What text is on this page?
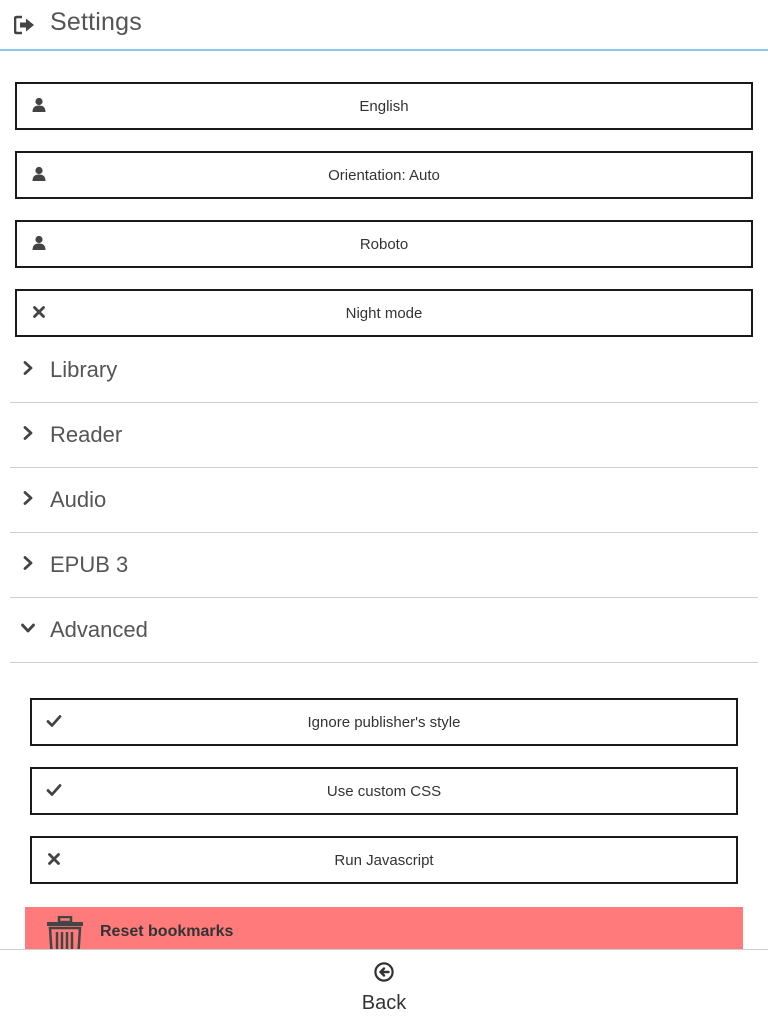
Settings
English
Orientation: Auto
Roboto
Night mode
Library
Reader
Audio
EPUB 3
Advanced
Ignore publisher's style
Use custom CSS
Run Javascript
Reset bookmarks
Back
